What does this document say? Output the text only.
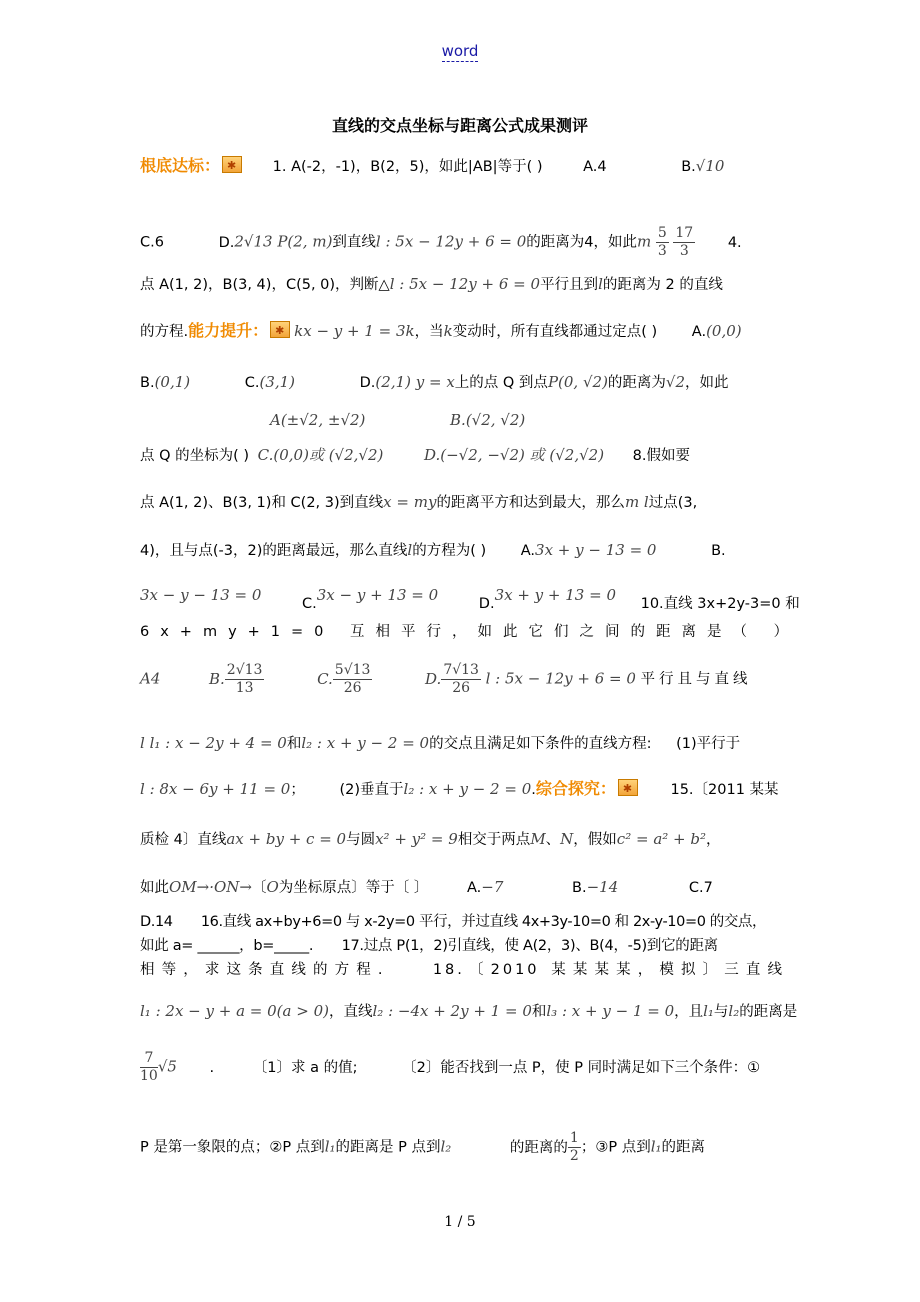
word
直线的交点坐标与距离公式成果测评
根底达标： ✱	1. A(-2，-1)，B(2，5)，如此|AB|等于( )	A.4	B.√10
C.6	D.2√13 P(2, m)到直线l : 5x − 12y + 6 = 0的距离为4，如此m $\frac{5}{3}$
$\frac{17}{3} 4$.
点 A(1, 2)，B(3, 4)，C(5, 0)，判断△l : 5x − 12y + 6 = 0平行且到l的距离为 2 的直线
的方程.能力提升： ✱ kx − y + 1 = 3k，当k变动时，所有直线都通过定点( ) A.(0,0)
B.(0,1)	C.(3,1)	D.(2,1) y = x上的点 Q 到点P(0, √2)的距离为√2，如此
A(±√2, ±√2)	B.(√2, √2)
点 Q 的坐标为( ) C.(0,0)或 (√2,√2)	D.(−√2, −√2) 或 (√2,√2) 8.假如要
点 A(1, 2)、B(3, 1)和 C(2, 3)到直线x = my的距离平方和达到最大，那么m l过点(3,
4)，且与点(-3，2)的距离最远，那么直线l的方程为( ) A.3x + y − 13 = 0	B.
3x − y − 13 = 0	C.3x − y + 13 = 0	D.3x + y + 13 = 0 10.直线 3x+2y-3=0 和
6x+my+1=0 互相平行，如此它们之间的距离是（ ）
A4	B. $\frac{2√13}{13}$	C. $\frac{5√13}{26}$	D. $\frac{7√13}{26}$ l : 5x − 12y + 6 = 0 平行且与直线
l l₁ : x − 2y + 4 = 0和l₂ : x + y − 2 = 0的交点且满足如下条件的直线方程: (1)平行于
l : 8x − 6y + 11 = 0； (2)垂直于l₂ : x + y − 2 = 0.综合探究： ✱	15.〔2011 某某
质检 4〕直线ax + by + c = 0与圆x² + y² = 9相交于两点M、N，假如c² = a² + b²，
如此OM→·ON→〔O为坐标原点〕等于〔 〕	A.−7	B.−14	C.7
D.14　　16.直线 ax+by+6=0 与 x-2y=0 平行，并过直线 4x+3y-10=0 和 2x-y-10=0 的交点，
如此 a= ______，b=_____.　　17.过点 P(1，2)引直线，使 A(2，3)、B(4，-5)到它的距离
相等，求这条直线的方程.　　18.〔2010 某某某某，模拟〕三直线
l₁ : 2x − y + a = 0(a > 0)，直线l₂ : −4x + 2y + 1 = 0和l₃ : x + y − 1 = 0，且l₁与l₂的距离是
$\frac{7}{10} √5$ .	〔1〕求 a 的值;	〔2〕能否找到一点 P，使 P 同时满足如下三个条件：①
P 是第一象限的点；②P 点到l₁的距离是 P 点到l₂	的距离的 $\frac{1}{2}$ ；③P 点到l₁的距离
1 / 5
